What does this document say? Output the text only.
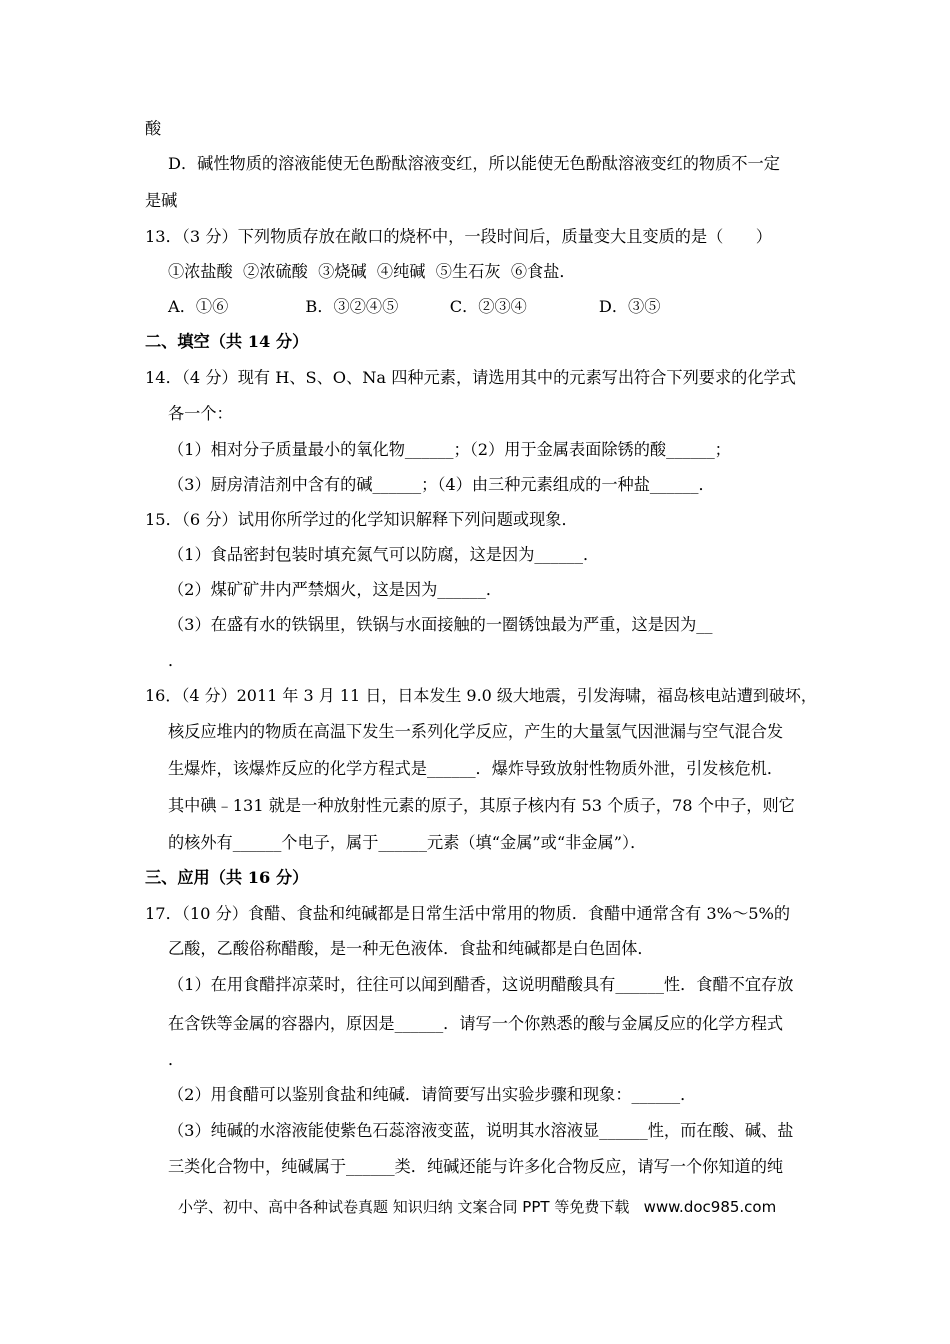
酸
D．碱性物质的溶液能使无色酚酞溶液变红，所以能使无色酚酞溶液变红的物质不一定
是碱
13．（3 分）下列物质存放在敞口的烧杯中，一段时间后，质量变大且变质的是（　　）
①浓盐酸  ②浓硫酸  ③烧碱  ④纯碱  ⑤生石灰  ⑥食盐．
A．①⑥               B．③②④⑤          C．②③④              D．③⑤
二、填空（共 14 分）
14．（4 分）现有 H、S、O、Na 四种元素，请选用其中的元素写出符合下列要求的化学式
各一个：
（1）相对分子质量最小的氧化物______；（2）用于金属表面除锈的酸______；
（3）厨房清洁剂中含有的碱______；（4）由三种元素组成的一种盐______．
15．（6 分）试用你所学过的化学知识解释下列问题或现象．
（1）食品密封包装时填充氮气可以防腐，这是因为______．
（2）煤矿矿井内严禁烟火，这是因为______．
（3）在盛有水的铁锅里，铁锅与水面接触的一圈锈蚀最为严重，这是因为__
．
16．（4 分）2011 年 3 月 11 日，日本发生 9.0 级大地震，引发海啸，福岛核电站遭到破坏，
核反应堆内的物质在高温下发生一系列化学反应，产生的大量氢气因泄漏与空气混合发
生爆炸，该爆炸反应的化学方程式是______．爆炸导致放射性物质外泄，引发核危机．
其中碘﹣131 就是一种放射性元素的原子，其原子核内有 53 个质子，78 个中子，则它
的核外有______个电子，属于______元素（填“金属”或“非金属”）．
三、应用（共 16 分）
17．（10 分）食醋、食盐和纯碱都是日常生活中常用的物质．食醋中通常含有 3%～5%的
乙酸，乙酸俗称醋酸，是一种无色液体．食盐和纯碱都是白色固体．
（1）在用食醋拌凉菜时，往往可以闻到醋香，这说明醋酸具有______性．食醋不宜存放
在含铁等金属的容器内，原因是______．请写一个你熟悉的酸与金属反应的化学方程式
．
（2）用食醋可以鉴别食盐和纯碱．请简要写出实验步骤和现象：______．
（3）纯碱的水溶液能使紫色石蕊溶液变蓝，说明其水溶液显______性，而在酸、碱、盐
三类化合物中，纯碱属于______类．纯碱还能与许多化合物反应，请写一个你知道的纯
小学、初中、高中各种试卷真题 知识归纳 文案合同 PPT 等免费下载   www.doc985.com
